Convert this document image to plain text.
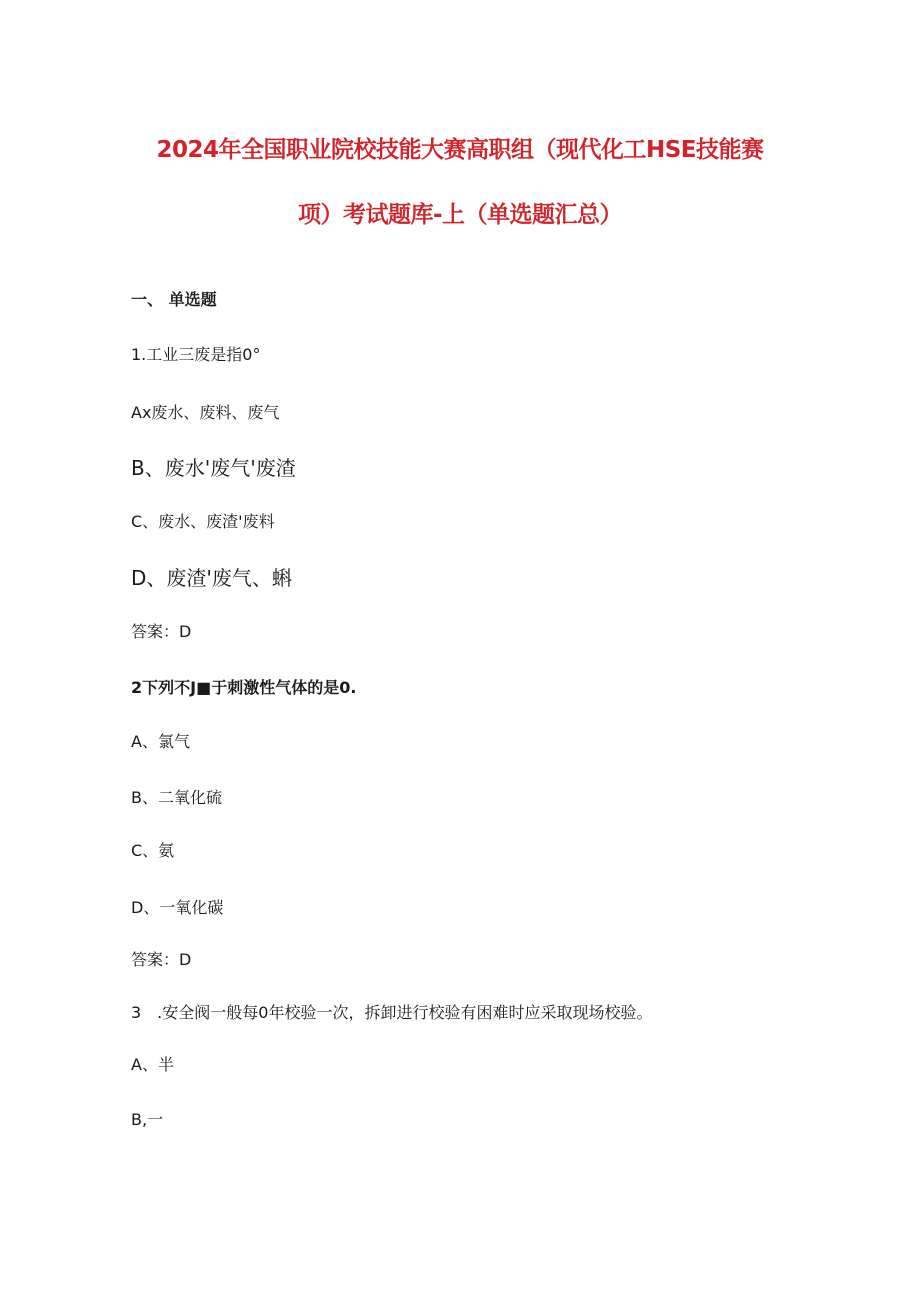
2024年全国职业院校技能大赛高职组（现代化工HSE技能赛
项）考试题库-上（单选题汇总）
一、 单选题
1.工业三废是指0°
Ax废水、废料、废气
B、废水'废气'废渣
C、废水、废渣'废料
D、废渣'废气、蝌
答案：D
2下列不J■于刺激性气体的是0.
A、氯气
B、二氧化硫
C、氨
D、一氧化碳
答案：D
3　.安全阀一般每0年校验一次，拆卸进行校验有困难时应采取现场校验。
A、半
B,一
